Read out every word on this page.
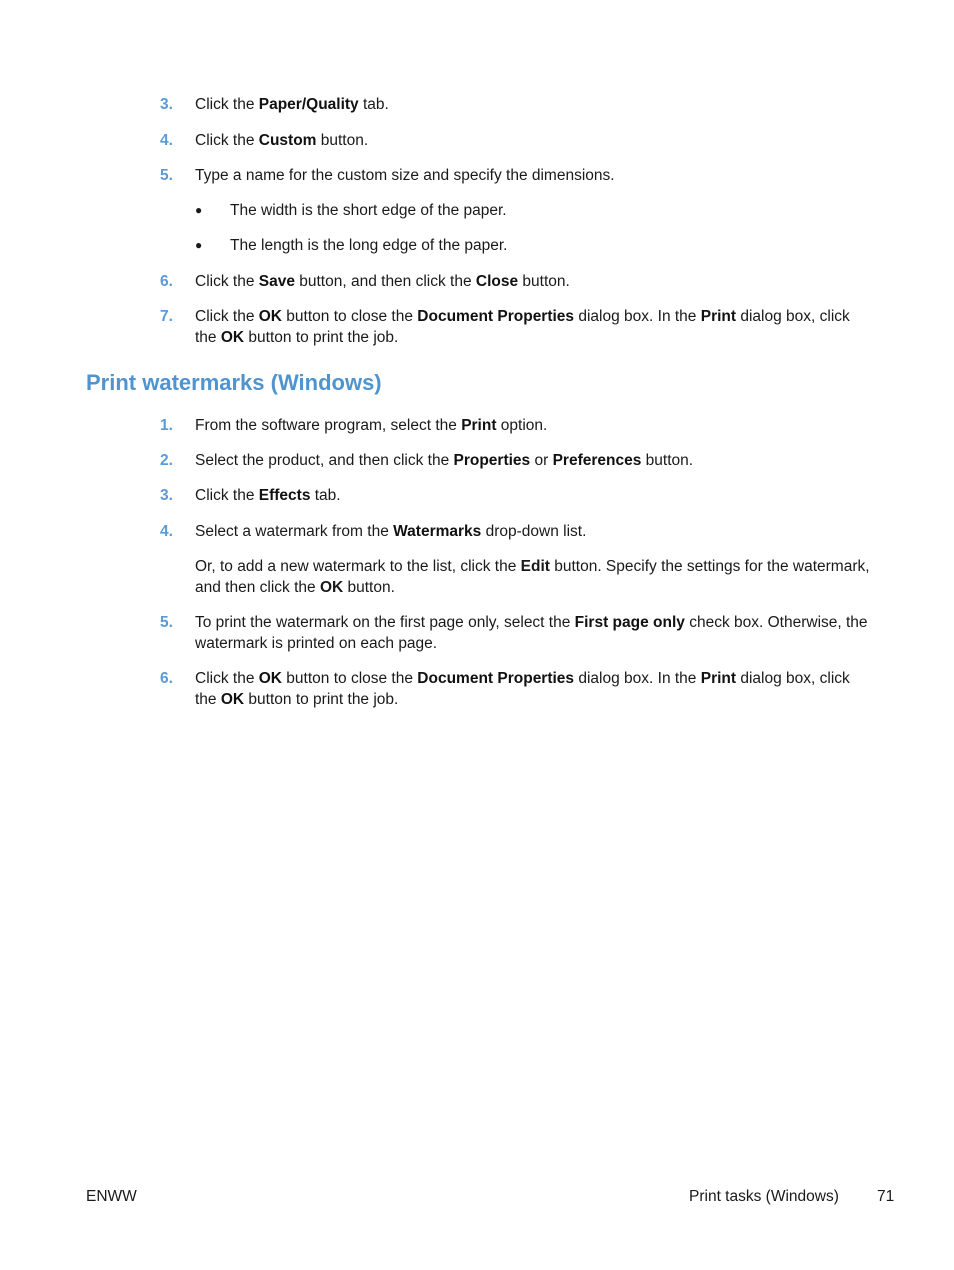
3.	Click the Paper/Quality tab.
4.	Click the Custom button.
5.	Type a name for the custom size and specify the dimensions.
● The width is the short edge of the paper.
● The length is the long edge of the paper.
6.	Click the Save button, and then click the Close button.
7.	Click the OK button to close the Document Properties dialog box. In the Print dialog box, click the OK button to print the job.
Print watermarks (Windows)
1.	From the software program, select the Print option.
2.	Select the product, and then click the Properties or Preferences button.
3.	Click the Effects tab.
4.	Select a watermark from the Watermarks drop-down list.
Or, to add a new watermark to the list, click the Edit button. Specify the settings for the watermark, and then click the OK button.
5.	To print the watermark on the first page only, select the First page only check box. Otherwise, the watermark is printed on each page.
6.	Click the OK button to close the Document Properties dialog box. In the Print dialog box, click the OK button to print the job.
ENWW	Print tasks (Windows) 71
